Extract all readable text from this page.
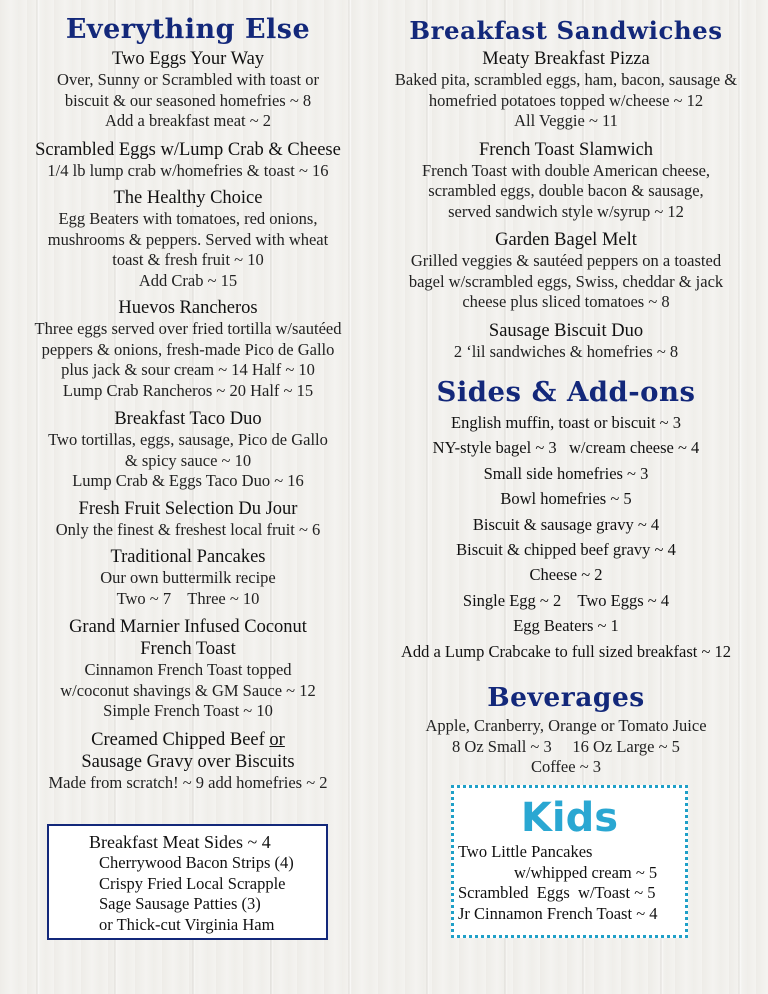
Everything Else
Two Eggs Your Way
Over, Sunny or Scrambled with toast or
biscuit & our seasoned homefries ~ 8
Add a breakfast meat ~ 2
Scrambled Eggs w/Lump Crab & Cheese
1/4 lb lump crab w/homefries & toast ~ 16
The Healthy Choice
Egg Beaters with tomatoes, red onions,
mushrooms & peppers. Served with wheat
toast & fresh fruit ~ 10
Add Crab ~ 15
Huevos Rancheros
Three eggs served over fried tortilla w/sautéed
peppers & onions, fresh-made Pico de Gallo
plus jack & sour cream ~ 14 Half ~ 10
Lump Crab Rancheros ~ 20 Half ~ 15
Breakfast Taco Duo
Two tortillas, eggs, sausage, Pico de Gallo
& spicy sauce ~ 10
Lump Crab & Eggs Taco Duo ~ 16
Fresh Fruit Selection Du Jour
Only the finest & freshest local fruit ~ 6
Traditional Pancakes
Our own buttermilk recipe
Two ~ 7    Three ~ 10
Grand Marnier Infused Coconut
French Toast
Cinnamon French Toast topped
w/coconut shavings & GM Sauce ~ 12
Simple French Toast ~ 10
Creamed Chipped Beef or
Sausage Gravy over Biscuits
Made from scratch! ~ 9 add homefries ~ 2
Breakfast Meat Sides ~ 4
Cherrywood Bacon Strips (4)
Crispy Fried Local Scrapple
Sage Sausage Patties (3)
or Thick-cut Virginia Ham
Breakfast Sandwiches
Meaty Breakfast Pizza
Baked pita, scrambled eggs, ham, bacon, sausage &
homefried potatoes topped w/cheese ~ 12
All Veggie ~ 11
French Toast Slamwich
French Toast with double American cheese,
scrambled eggs, double bacon & sausage,
served sandwich style w/syrup ~ 12
Garden Bagel Melt
Grilled veggies & sautéed peppers on a toasted
bagel w/scrambled eggs, Swiss, cheddar & jack
cheese plus sliced tomatoes ~ 8
Sausage Biscuit Duo
2 ‘lil sandwiches & homefries ~ 8
Sides & Add-ons
English muffin, toast or biscuit ~ 3
NY-style bagel ~ 3   w/cream cheese ~ 4
Small side homefries ~ 3
Bowl homefries ~ 5
Biscuit & sausage gravy ~ 4
Biscuit & chipped beef gravy ~ 4
Cheese ~ 2
Single Egg ~ 2    Two Eggs ~ 4
Egg Beaters ~ 1
Add a Lump Crabcake to full sized breakfast ~ 12
Beverages
Apple, Cranberry, Orange or Tomato Juice
8 Oz Small ~ 3     16 Oz Large ~ 5
Coffee ~ 3
Kids
Two Little Pancakes
w/whipped cream ~ 5
Scrambled  Eggs  w/Toast ~ 5
Jr Cinnamon French Toast ~ 4
